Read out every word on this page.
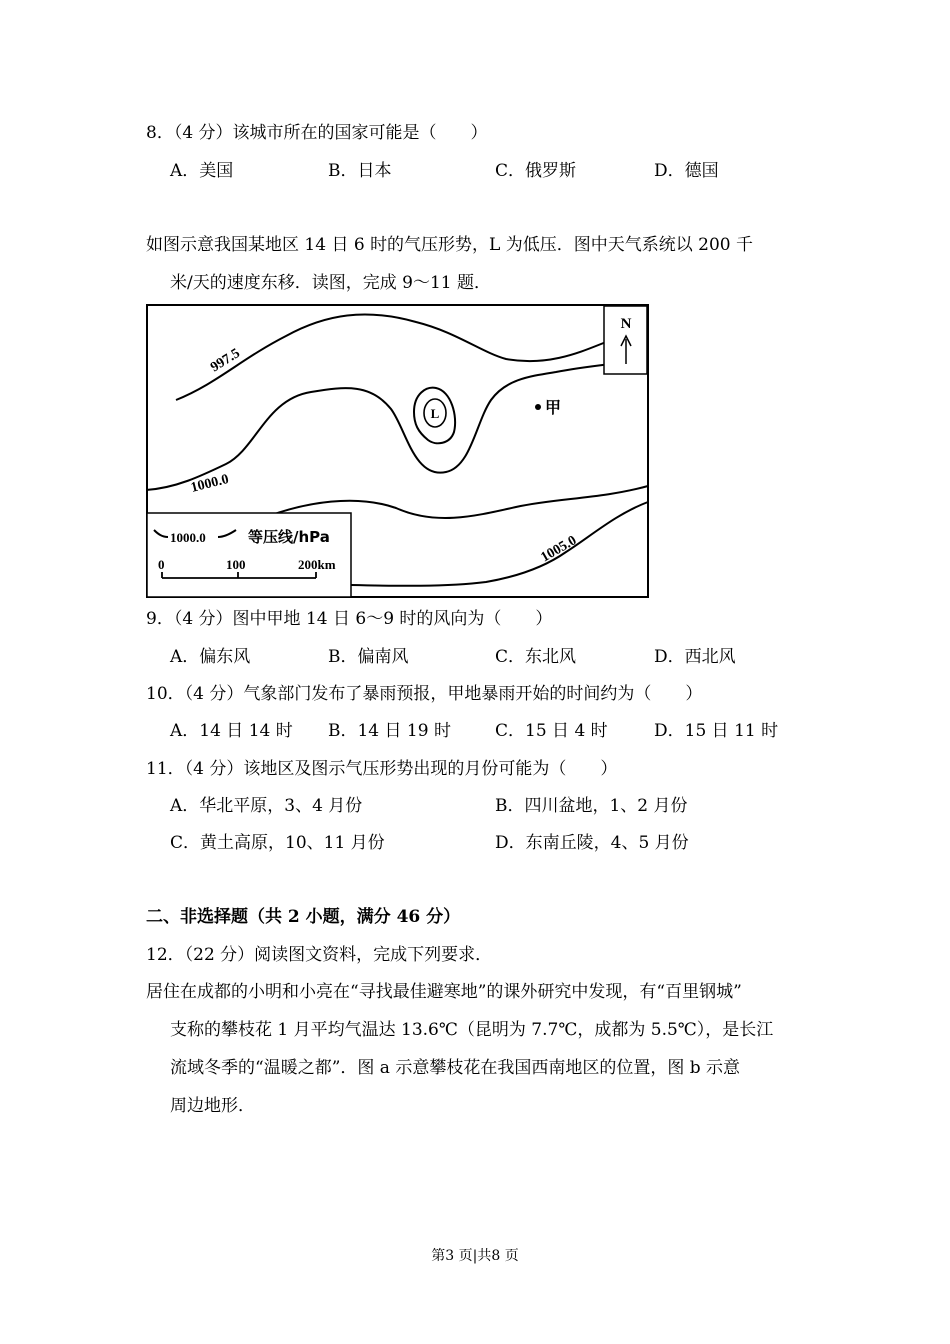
8．（4 分）该城市所在的国家可能是（　　）
A．美国	B．日本	C．俄罗斯	D．德国
如图示意我国某地区 14 日 6 时的气压形势，L 为低压．图中天气系统以 200 千
米/天的速度东移．读图，完成 9～11 题．
L	甲
997.5
1000.0
1005.0
N
1000.0	等压线/hPa
0	100	200km
9．（4 分）图中甲地 14 日 6～9 时的风向为（　　）
A．偏东风	B．偏南风	C．东北风	D．西北风
10．（4 分）气象部门发布了暴雨预报，甲地暴雨开始的时间约为（　　）
A．14 日 14 时 B．14 日 19 时	C．15 日 4 时	D．15 日 11 时
11．（4 分）该地区及图示气压形势出现的月份可能为（　　）
A．华北平原，3、4 月份	B．四川盆地，1、2 月份
C．黄土高原，10、11 月份	D．东南丘陵，4、5 月份
二、非选择题（共 2 小题，满分 46 分）
12．（22 分）阅读图文资料，完成下列要求．
居住在成都的小明和小亮在“寻找最佳避寒地”的课外研究中发现，有“百里钢城”
支称的攀枝花 1 月平均气温达 13.6℃（昆明为 7.7℃，成都为 5.5℃），是长江
流域冬季的“温暖之都”．图 a 示意攀枝花在我国西南地区的位置，图 b 示意
周边地形．
第3 页|共8 页
